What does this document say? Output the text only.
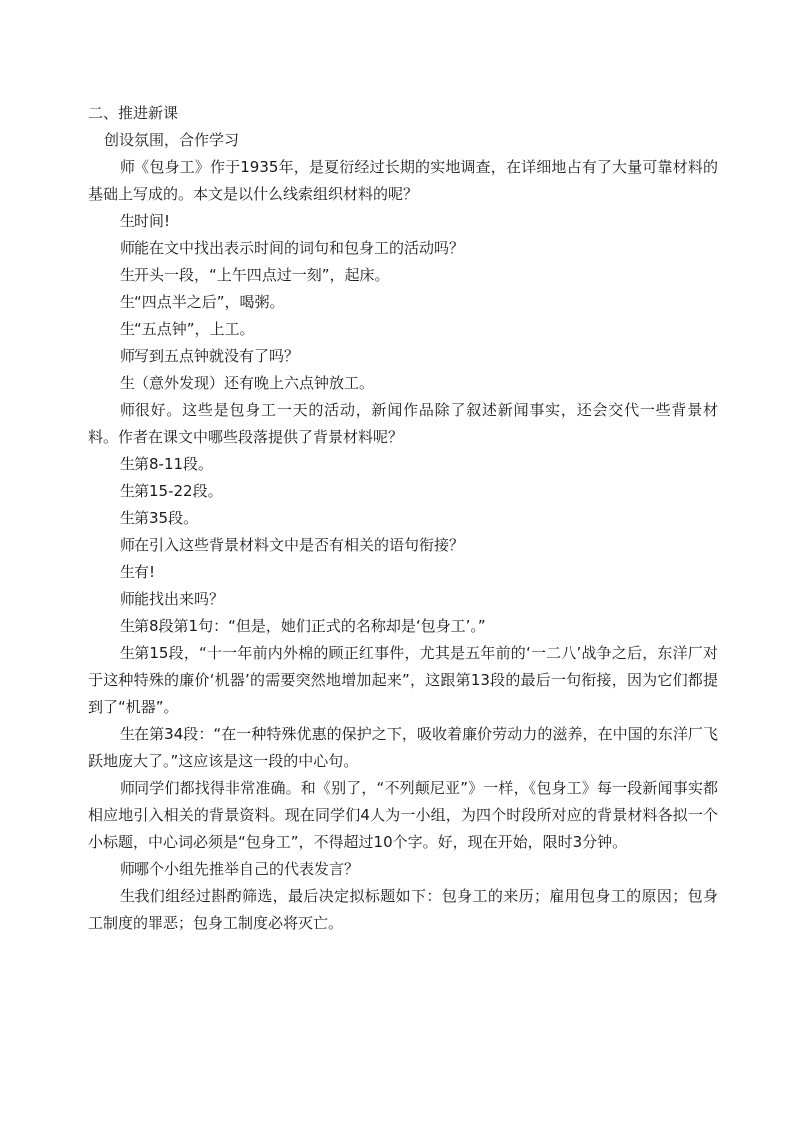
二、推进新课

创设氛围，合作学习

师《包身工》作于1935年，是夏衍经过长期的实地调查，在详细地占有了大量可靠材料的基础上写成的。本文是以什么线索组织材料的呢？

生时间!

师能在文中找出表示时间的词句和包身工的活动吗？

生开头一段，“上午四点过一刻”，起床。

生“四点半之后”，喝粥。

生“五点钟”，上工。

师写到五点钟就没有了吗？

生（意外发现）还有晚上六点钟放工。

师很好。这些是包身工一天的活动，新闻作品除了叙述新闻事实，还会交代一些背景材料。作者在课文中哪些段落提供了背景材料呢？

生第8-11段。

生第15-22段。

生第35段。

师在引入这些背景材料文中是否有相关的语句衔接？

生有!

师能找出来吗？

生第8段第1句：“但是，她们正式的名称却是‘包身工’。”

生第15段，“十一年前内外棉的顾正红事件，尤其是五年前的‘一二八’战争之后，东洋厂对于这种特殊的廉价‘机器’的需要突然地增加起来”，这跟第13段的最后一句衔接，因为它们都提到了“机器”。

生在第34段：“在一种特殊优惠的保护之下，吸收着廉价劳动力的滋养，在中国的东洋厂飞跃地庞大了。”这应该是这一段的中心句。

师同学们都找得非常准确。和《别了，“不列颠尼亚”》一样，《包身工》每一段新闻事实都相应地引入相关的背景资料。现在同学们4人为一小组，为四个时段所对应的背景材料各拟一个小标题，中心词必须是“包身工”，不得超过10个字。好，现在开始，限时3分钟。

师哪个小组先推举自己的代表发言？

生我们组经过斟酌筛选，最后决定拟标题如下：包身工的来历；雇用包身工的原因；包身工制度的罪恶；包身工制度必将灭亡。
